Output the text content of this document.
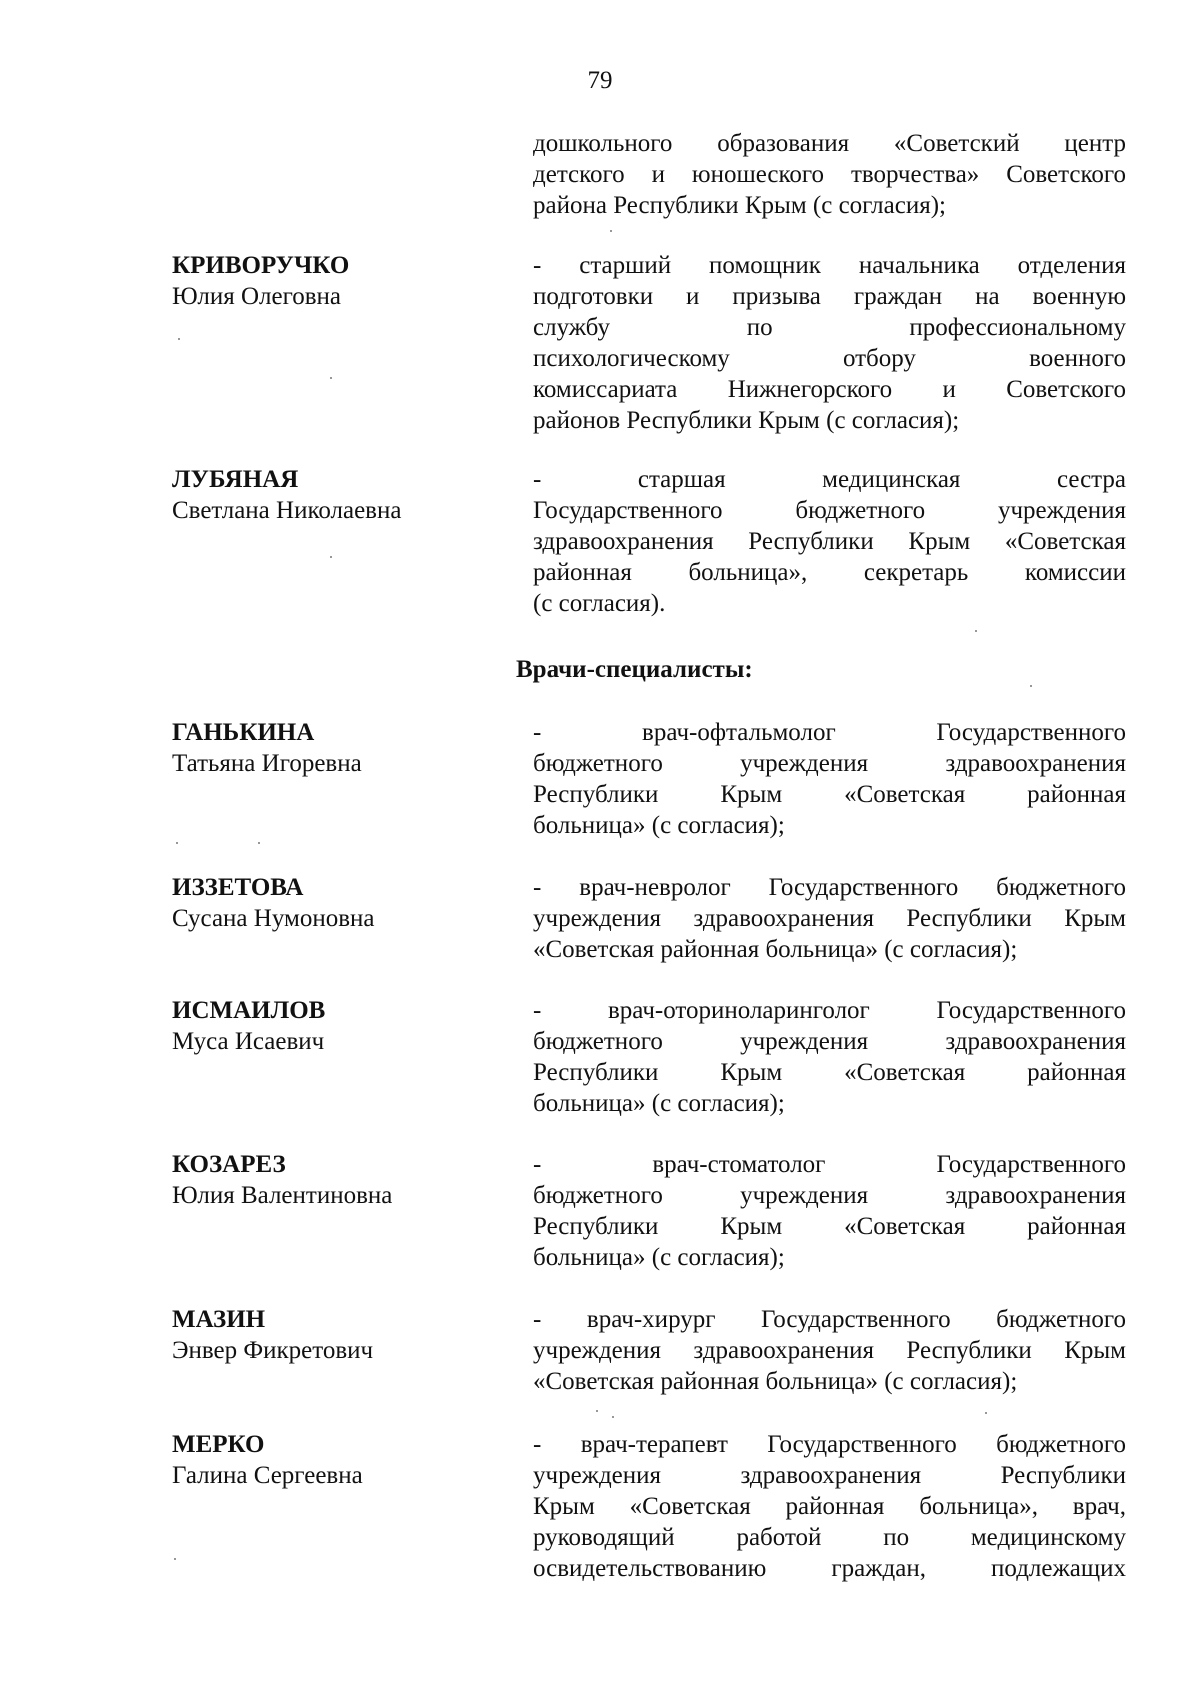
79
дошкольного образования «Советский центр
детского и юношеского творчества» Советского
района Республики Крым (с согласия);
КРИВОРУЧКО
Юлия Олеговна
- старший помощник начальника отделения
подготовки и призыва граждан на военную
службу по профессиональному
психологическому отбору военного
комиссариата Нижнегорского и Советского
районов Республики Крым (с согласия);
ЛУБЯНАЯ
Светлана Николаевна
- старшая медицинская сестра
Государственного бюджетного учреждения
здравоохранения Республики Крым «Советская
районная больница», секретарь комиссии
(с согласия).
Врачи-специалисты:
ГАНЬКИНА
Татьяна Игоревна
- врач-офтальмолог Государственного
бюджетного учреждения здравоохранения
Республики Крым «Советская районная
больница» (с согласия);
ИЗЗЕТОВА
Сусана Нумоновна
- врач-невролог Государственного бюджетного
учреждения здравоохранения Республики Крым
«Советская районная больница» (с согласия);
ИСМАИЛОВ
Муса Исаевич
- врач-оториноларинголог Государственного
бюджетного учреждения здравоохранения
Республики Крым «Советская районная
больница» (с согласия);
КОЗАРЕЗ
Юлия Валентиновна
- врач-стоматолог Государственного
бюджетного учреждения здравоохранения
Республики Крым «Советская районная
больница» (с согласия);
МАЗИН
Энвер Фикретович
- врач-хирург Государственного бюджетного
учреждения здравоохранения Республики Крым
«Советская районная больница» (с согласия);
МЕРКО
Галина Сергеевна
- врач-терапевт Государственного бюджетного
учреждения здравоохранения Республики
Крым «Советская районная больница», врач,
руководящий работой по медицинскому
освидетельствованию граждан, подлежащих
